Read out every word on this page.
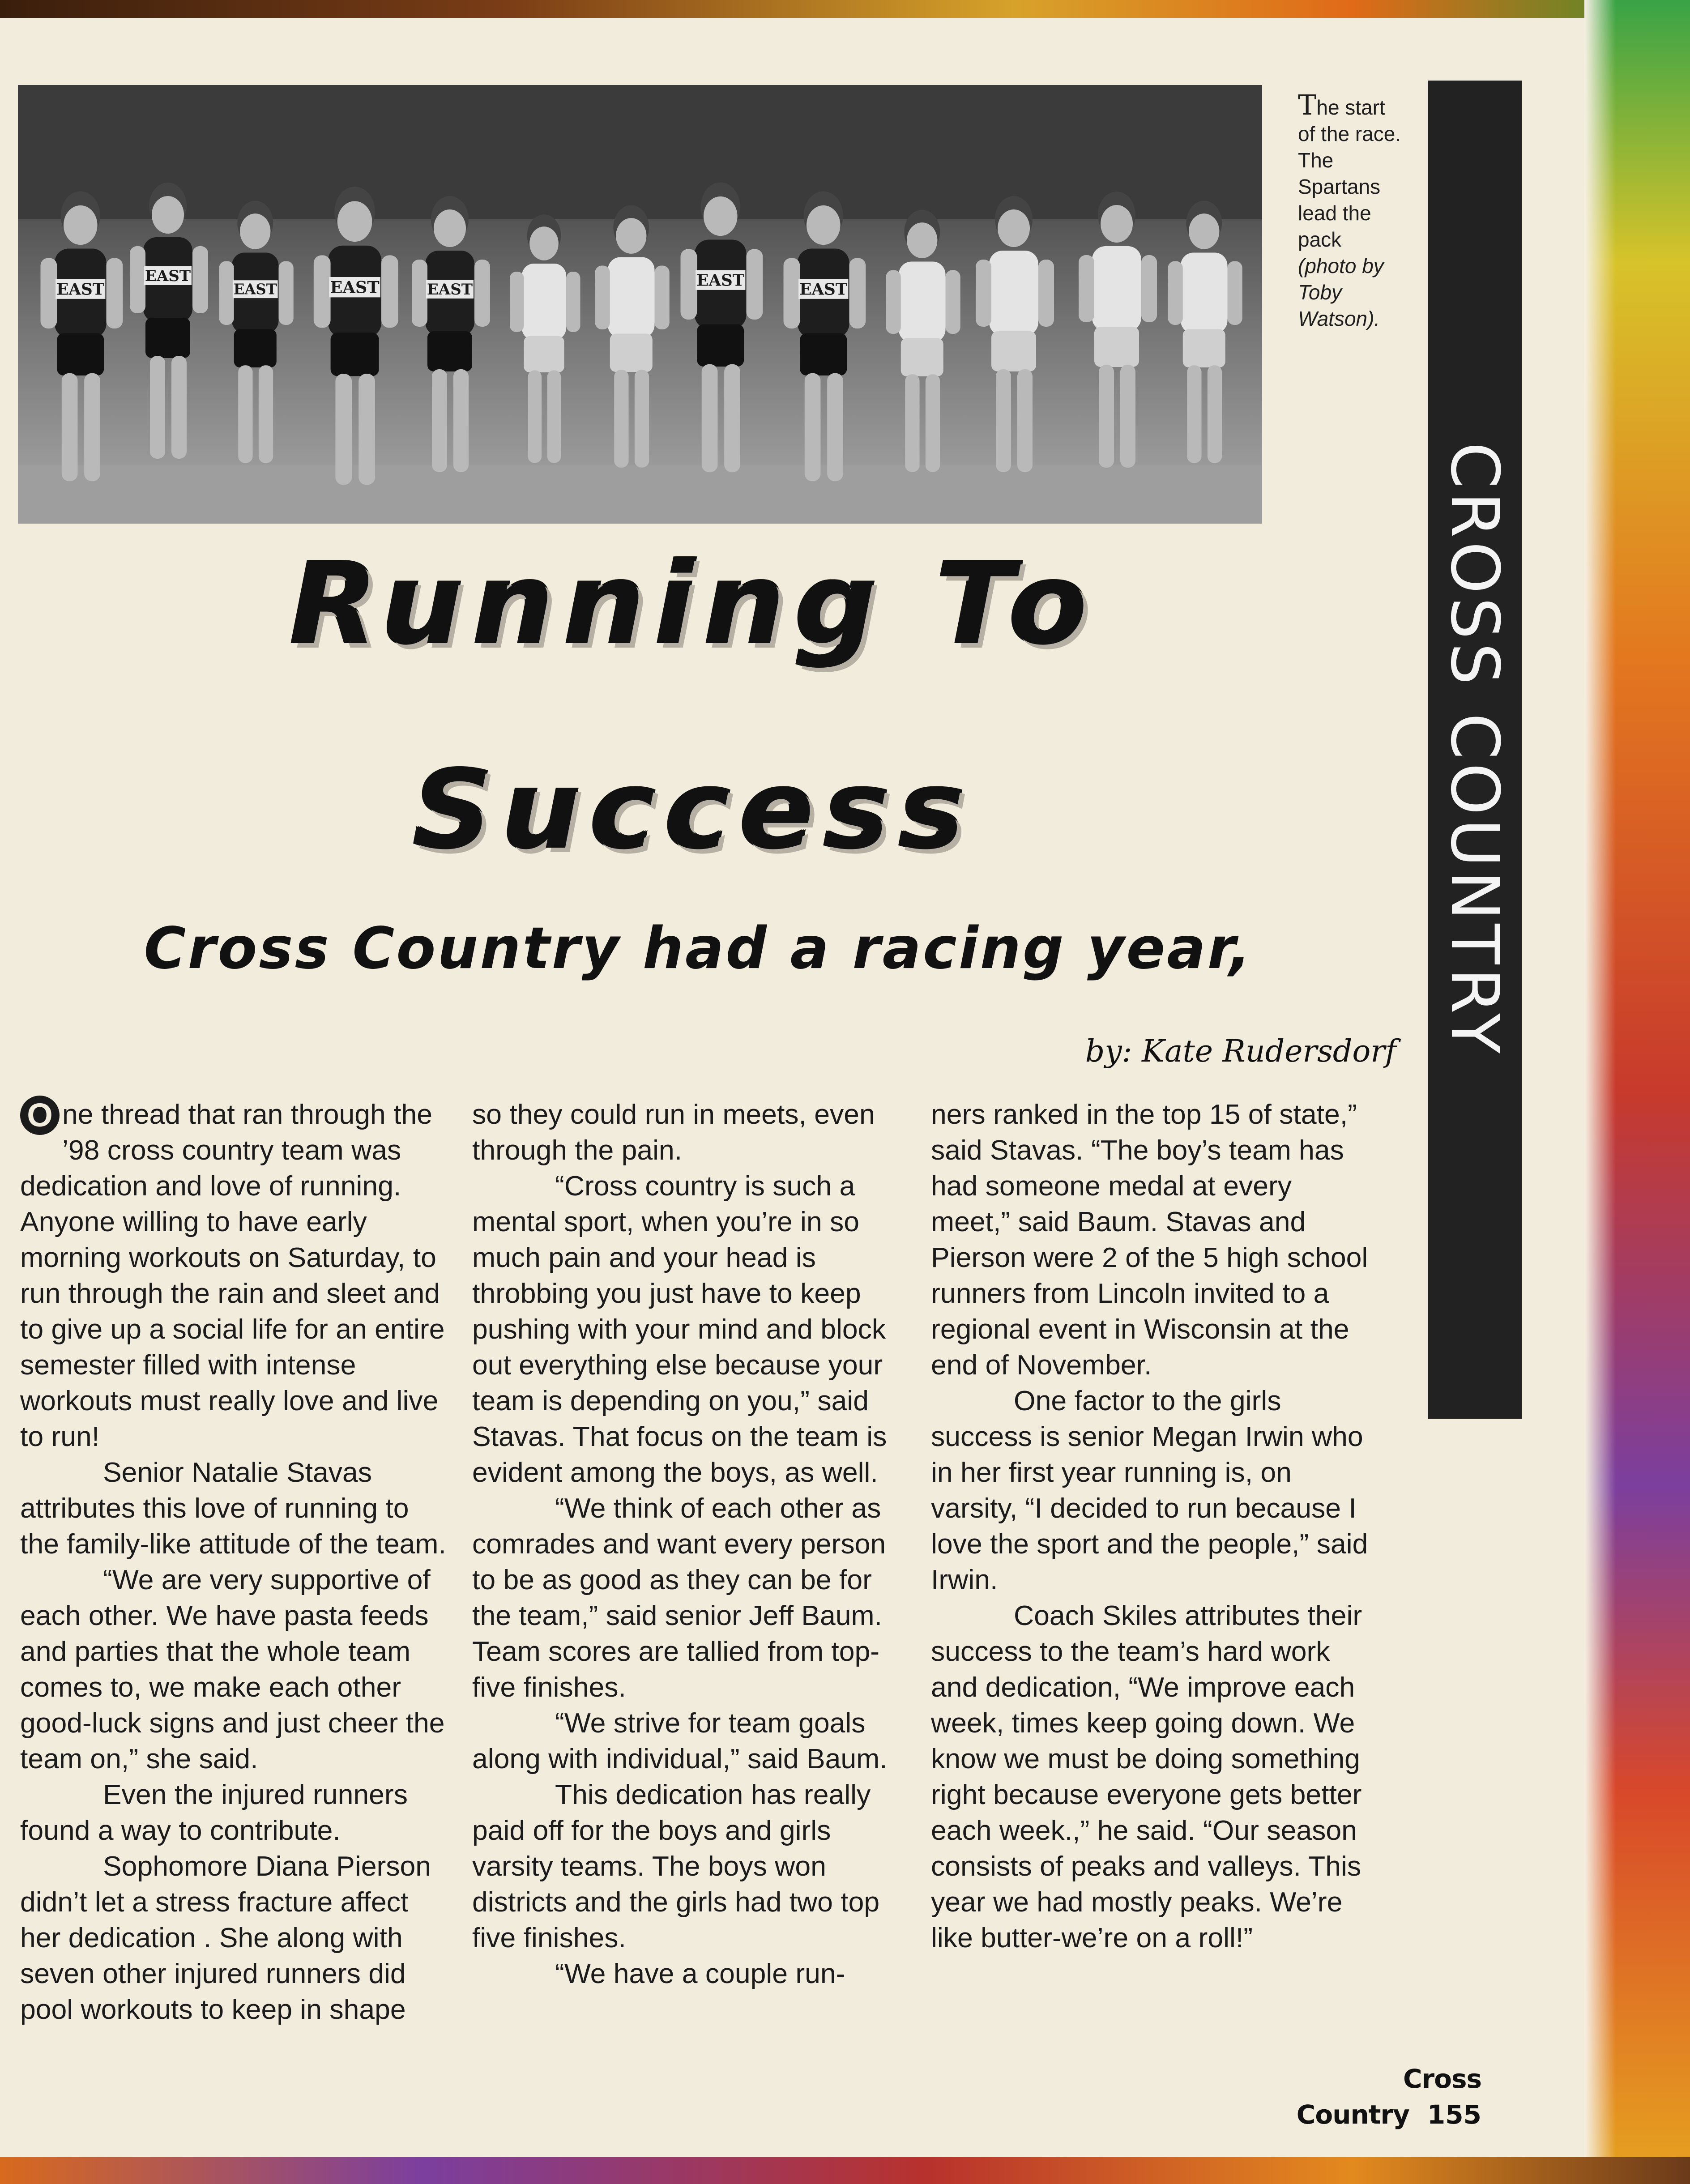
EAST
EAST
EAST	EAST	EAST	EAST	EAST
The start of the race. The Spartans lead the pack (photo by Toby Watson).
CROSS COUNTRY
Running To
Success
Cross Country had a racing year,
by: Kate Rudersdorf

O ne thread that ran through the ’98 cross country team was dedication and love of running. Anyone willing to have early morning workouts on Saturday, to run through the rain and sleet and to give up a social life for an entire semester filled with intense workouts must really love and live to run!

Senior Natalie Stavas attributes this love of running to the family-like attitude of the team.

“We are very supportive of each other. We have pasta feeds and parties that the whole team comes to, we make each other good-luck signs and just cheer the team on,” she said.

Even the injured runners found a way to contribute.

Sophomore Diana Pierson didn’t let a stress fracture affect her dedication . She along with seven other injured runners did pool workouts to keep in shape

so they could run in meets, even through the pain.

“Cross country is such a mental sport, when you’re in so much pain and your head is throbbing you just have to keep pushing with your mind and block out everything else because your team is depending on you,” said Stavas. That focus on the team is evident among the boys, as well.

“We think of each other as comrades and want every person to be as good as they can be for the team,” said senior Jeff Baum. Team scores are tallied from top-five finishes.

“We strive for team goals along with individual,” said Baum.

This dedication has really paid off for the boys and girls varsity teams. The boys won districts and the girls had two top five finishes.

“We have a couple run-

ners ranked in the top 15 of state,” said Stavas. “The boy’s team has had someone medal at every meet,” said Baum. Stavas and Pierson were 2 of the 5 high school runners from Lincoln invited to a regional event in Wisconsin at the end of November.

One factor to the girls success is senior Megan Irwin who in her first year running is, on varsity, “I decided to run because I love the sport and the people,” said Irwin.

Coach Skiles attributes their success to the team’s hard work and dedication, “We improve each week, times keep going down. We know we must be doing something right because everyone gets better each week.,” he said. “Our season consists of peaks and valleys. This year we had mostly peaks. We’re like butter-we’re on a roll!”

Cross Country 155
